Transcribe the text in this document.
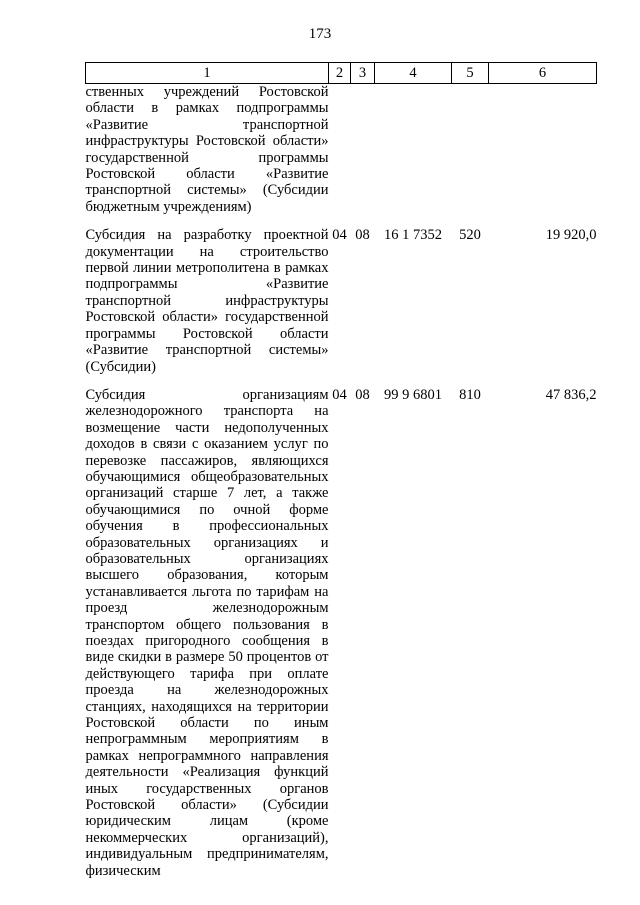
173
1	2	3	4	5	6
ственных учреждений Ростовской области в рамках подпрограммы «Развитие транспортной инфраструктуры Ростовской области» государственной программы Ростовской области «Развитие транспортной системы» (Субсидии бюджетным учреждениям)					
Субсидия на разработку проектной документации на строительство первой линии метрополитена в рамках подпрограммы «Развитие транспортной инфраструктуры Ростовской области» государственной программы Ростовской области «Развитие транспортной системы» (Субсидии)	04	08	16 1 7352	520	19 920,0
Субсидия организациям железнодорожного транспорта на возмещение части недополученных доходов в связи с оказанием услуг по перевозке пассажиров, являющихся обучающимися общеобразовательных организаций старше 7 лет, а также обучающимися по очной форме обучения в профессиональных образовательных организациях и образовательных организациях высшего образования, которым устанавливается льгота по тарифам на проезд железнодорожным транспортом общего пользования в поездах пригородного сообщения в виде скидки в размере 50 процентов от действующего тарифа при оплате проезда на железнодорожных станциях, находящихся на территории Ростовской области по иным непрограммным мероприятиям в рамках непрограммного направления деятельности «Реализация функций иных государственных органов Ростовской области» (Субсидии юридическим лицам (кроме некоммерческих организаций), индивидуальным предпринимателям, физическим	04	08	99 9 6801	810	47 836,2
